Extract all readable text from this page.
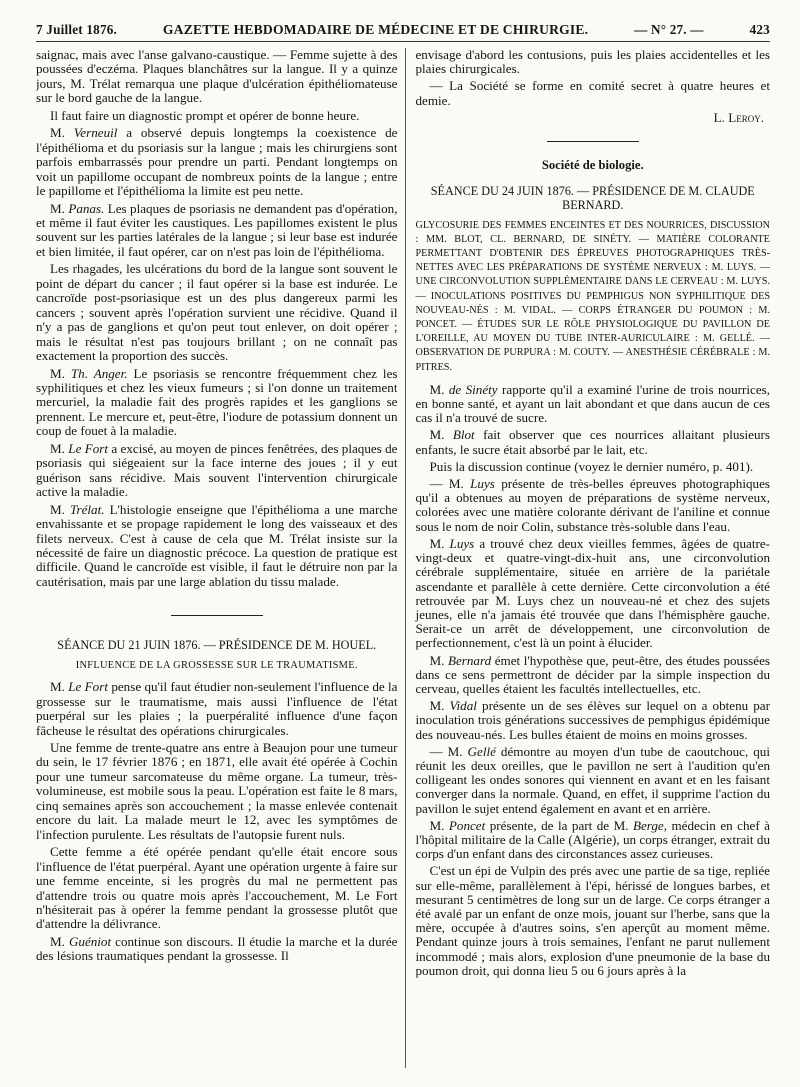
7 Juillet 1876.	GAZETTE HEBDOMADAIRE DE MÉDECINE ET DE CHIRURGIE.	— N° 27. —	423

saignac, mais avec l'anse galvano-caustique. — Femme sujette à des poussées d'eczéma. Plaques blanchâtres sur la langue. Il y a quinze jours, M. Trélat remarqua une plaque d'ulcération épithéliomateuse sur le bord gauche de la langue.

Il faut faire un diagnostic prompt et opérer de bonne heure.

M. Verneuil a observé depuis longtemps la coexistence de l'épithélioma et du psoriasis sur la langue ; mais les chirurgiens sont parfois embarrassés pour prendre un parti. Pendant longtemps on voit un papillome occupant de nombreux points de la langue ; entre le papillome et l'épithélioma la limite est peu nette.

M. Panas. Les plaques de psoriasis ne demandent pas d'opération, et même il faut éviter les caustiques. Les papillomes existent le plus souvent sur les parties latérales de la langue ; si leur base est indurée et bien limitée, il faut opérer, car on n'est pas loin de l'épithélioma.

Les rhagades, les ulcérations du bord de la langue sont souvent le point de départ du cancer ; il faut opérer si la base est indurée. Le cancroïde post-psoriasique est un des plus dangereux parmi les cancers ; souvent après l'opération survient une récidive. Quand il n'y a pas de ganglions et qu'on peut tout enlever, on doit opérer ; mais le résultat n'est pas toujours brillant ; on ne connaît pas exactement la proportion des succès.

M. Th. Anger. Le psoriasis se rencontre fréquemment chez les syphilitiques et chez les vieux fumeurs ; si l'on donne un traitement mercuriel, la maladie fait des progrès rapides et les ganglions se prennent. Le mercure et, peut-être, l'iodure de potassium donnent un coup de fouet à la maladie.

M. Le Fort a excisé, au moyen de pinces fenêtrées, des plaques de psoriasis qui siégeaient sur la face interne des joues ; il y eut guérison sans récidive. Mais souvent l'intervention chirurgicale active la maladie.

M. Trélat. L'histologie enseigne que l'épithélioma a une marche envahissante et se propage rapidement le long des vaisseaux et des filets nerveux. C'est à cause de cela que M. Trélat insiste sur la nécessité de faire un diagnostic précoce. La question de pratique est difficile. Quand le cancroïde est visible, il faut le détruire non par la cautérisation, mais par une large ablation du tissu malade.

SÉANCE DU 21 JUIN 1876. — PRÉSIDENCE DE M. HOUEL.

INFLUENCE DE LA GROSSESSE SUR LE TRAUMATISME.

M. Le Fort pense qu'il faut étudier non-seulement l'influence de la grossesse sur le traumatisme, mais aussi l'influence de l'état puerpéral sur les plaies ; la puerpéralité influence d'une façon fâcheuse le résultat des opérations chirurgicales.

Une femme de trente-quatre ans entre à Beaujon pour une tumeur du sein, le 17 février 1876 ; en 1871, elle avait été opérée à Cochin pour une tumeur sarcomateuse du même organe. La tumeur, très-volumineuse, est mobile sous la peau. L'opération est faite le 8 mars, cinq semaines après son accouchement ; la masse enlevée contenait encore du lait. La malade meurt le 12, avec les symptômes de l'infection purulente. Les résultats de l'autopsie furent nuls.

Cette femme a été opérée pendant qu'elle était encore sous l'influence de l'état puerpéral. Ayant une opération urgente à faire sur une femme enceinte, si les progrès du mal ne permettent pas d'attendre trois ou quatre mois après l'accouchement, M. Le Fort n'hésiterait pas à opérer la femme pendant la grossesse plutôt que d'attendre la délivrance.

M. Guéniot continue son discours. Il étudie la marche et la durée des lésions traumatiques pendant la grossesse. Il

envisage d'abord les contusions, puis les plaies accidentelles et les plaies chirurgicales.

— La Société se forme en comité secret à quatre heures et demie.

L. Leroy.

Société de biologie.

SÉANCE DU 24 JUIN 1876. — PRÉSIDENCE DE M. CLAUDE BERNARD.

GLYCOSURIE DES FEMMES ENCEINTES ET DES NOURRICES, DISCUSSION : MM. BLOT, CL. BERNARD, DE SINÉTY. — MATIÈRE COLORANTE PERMETTANT D'OBTENIR DES ÉPREUVES PHOTOGRAPHIQUES TRÈS-NETTES AVEC LES PRÉPARATIONS DE SYSTÈME NERVEUX : M. LUYS. — UNE CIRCONVOLUTION SUPPLÉMENTAIRE DANS LE CERVEAU : M. LUYS. — INOCULATIONS POSITIVES DU PEMPHIGUS NON SYPHILITIQUE DES NOUVEAU-NÉS : M. VIDAL. — CORPS ÉTRANGER DU POUMON : M. PONCET. — ÉTUDES SUR LE RÔLE PHYSIOLOGIQUE DU PAVILLON DE L'OREILLE, AU MOYEN DU TUBE INTER-AURICULAIRE : M. GELLÉ. — OBSERVATION DE PURPURA : M. COUTY. — ANESTHÉSIE CÉRÉBRALE : M. PITRES.

M. de Sinéty rapporte qu'il a examiné l'urine de trois nourrices, en bonne santé, et ayant un lait abondant et que dans aucun de ces cas il n'a trouvé de sucre.

M. Blot fait observer que ces nourrices allaitant plusieurs enfants, le sucre était absorbé par le lait, etc.

Puis la discussion continue (voyez le dernier numéro, p. 401).

— M. Luys présente de très-belles épreuves photographiques qu'il a obtenues au moyen de préparations de système nerveux, colorées avec une matière colorante dérivant de l'aniline et connue sous le nom de noir Colin, substance très-soluble dans l'eau.

M. Luys a trouvé chez deux vieilles femmes, âgées de quatre-vingt-deux et quatre-vingt-dix-huit ans, une circonvolution cérébrale supplémentaire, située en arrière de la pariétale ascendante et parallèle à cette dernière. Cette circonvolution a été retrouvée par M. Luys chez un nouveau-né et chez des sujets jeunes, elle n'a jamais été trouvée que dans l'hémisphère gauche. Serait-ce un arrêt de développement, une circonvolution de perfectionnement, c'est là un point à élucider.

M. Bernard émet l'hypothèse que, peut-être, des études poussées dans ce sens permettront de décider par la simple inspection du cerveau, quelles étaient les facultés intellectuelles, etc.

M. Vidal présente un de ses élèves sur lequel on a obtenu par inoculation trois générations successives de pemphigus épidémique des nouveau-nés. Les bulles étaient de moins en moins grosses.

— M. Gellé démontre au moyen d'un tube de caoutchouc, qui réunit les deux oreilles, que le pavillon ne sert à l'audition qu'en colligeant les ondes sonores qui viennent en avant et en les faisant converger dans la normale. Quand, en effet, il supprime l'action du pavillon le sujet entend également en avant et en arrière.

M. Poncet présente, de la part de M. Berge, médecin en chef à l'hôpital militaire de la Calle (Algérie), un corps étranger, extrait du corps d'un enfant dans des circonstances assez curieuses.

C'est un épi de Vulpin des prés avec une partie de sa tige, repliée sur elle-même, parallèlement à l'épi, hérissé de longues barbes, et mesurant 5 centimètres de long sur un de large. Ce corps étranger a été avalé par un enfant de onze mois, jouant sur l'herbe, sans que la mère, occupée à d'autres soins, s'en aperçût au moment même. Pendant quinze jours à trois semaines, l'enfant ne parut nullement incommodé ; mais alors, explosion d'une pneumonie de la base du poumon droit, qui donna lieu 5 ou 6 jours après à la
